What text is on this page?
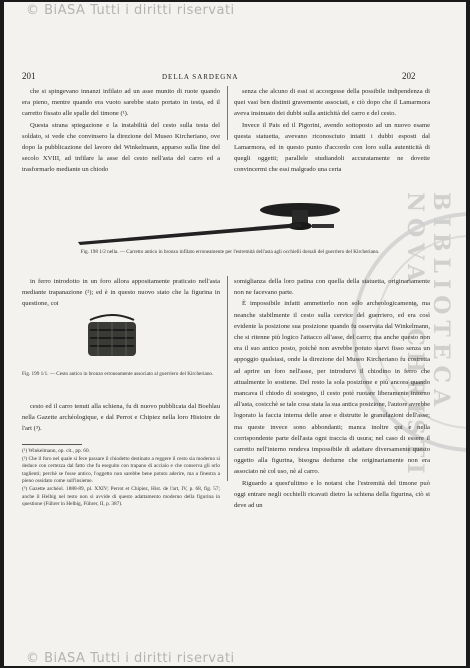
© BiASA Tutti i diritti riservati
BIBLIOTECA NOVA · CHRISTI
201	DELLA SARDEGNA	202

che si spingevano innanzi infilato ad un asse munito di ruote quando era pieno, mentre quando era vuoto sarebbe stato portato in testa, ed il carretto fissato alle spalle del timone (¹).

Questa strana spiegazione e la instabilità del cesto sulla testa del soldato, si vede che convinsero la direzione del Museo Kircheriano, ove dopo la pubblicazione del lavoro del Winkelmann, apparso sulla fine del secolo XVIII, ad infilare la asse del cesto nell'asta del carro ed a trasformarlo mediante un chiodo

senza che alcuno di essi si accorgesse della possibile indipendenza di quei vasi ben distinti gravemente associati, e ciò dopo che il Lamarmora aveva insinuato dei dubbi sulla antichità del carro e del cesto.

Invece il Pais ed il Pigorini, avendo sottoposto ad un nuovo esame questa statuetta, avevano riconosciuto intatti i dubbi esposti dal Lamarmora, ed in questo punto d'accordo con loro sulla autenticità di quegli oggetti; parallele studiandoli accuratamente ne dovette convincermi che essi malgrado una certa

Fig. 198 1/2 nella. — Carretto antico in bronzo infilato erroneamente per l'estremità dell'asta agli occhielli dorsali del guerriero del Kircheriano.

in ferro introdotto in un foro allora appositamente praticato nell'asta mediante trapanazione (²); ed è in questo nuovo stato che la figurina in questione, coi

Fig. 199 1/1. — Cesto antico in bronzo erroneamente associato al guerriero del Kircheriano.

cesto ed il carro tenuti alla schiena, fu di nuovo pubblicata dal Boehlau nella Gazette archéologique, e dal Perrot e Chipiez nella loro Histoire de l'art (³).

(¹) Winkelmann, op. cit., pp. 60.
(²) Che il foro nel quale si fece passare il chiodetto destinato a reggere il cesto sia moderno si deduce con certezza dal fatto che fu eseguito con trapano di acciaio e che conserva gli orlo taglienti; perchè se fosse antico, l'oggetto non sarebbe bene potuto aderire, ma a finestra a pieno ossidato come sull'insieme.
(³) Gazette archéol. 1888-89, pl. XXIV; Perrot et Chipiez, Hist. de l'art, IV, p. 68, fig. 57; anche il Helbig nel testo non si avvide di questo adattamento moderno della figurina in questione (Führer in Helbig, Führer, II, p. 387).

somiglianza della loro patina con quella della statuetta, originariamente non ne facevano parte.

È impossibile infatti ammetterlo non solo archeologicamente, ma neanche stabilmente il cesto sulla cervice del guerriero, ed era così evidente la posizione sua posizione quando fu osservata dal Winkelmann, che si ritenne più logico l'attacco all'asse, del carro; ma anche questo non era il suo antico posto, poichè non avrebbe potuto starvi fisso senza un appoggio qualsiasi, onde la direzione del Museo Kircheriano fu costretta ad aprire un foro nell'asse, per introdurvi il chiodino in ferro che attualmente lo sostiene. Del resto la sola posizione e più ancora quando mancava il chiodo di sostegno, il cesto potè ruotare liberamente intorno all'asta, cosicchè se tale cosa stata la sua antica posizione, l'autore avrebbe logorato la faccia interna delle anse e distrutte le granulazioni dell'asse; ma queste invece sono abbondanti; manca inoltre qui e nella corrispondente parte dell'asta ogni traccia di usura; nel caso di essere il carretto nell'interno rendeva impossibile di adattare diversamente questo oggetto alla figurina, bisogna dedurne che originariamente non era associato nè col uso, nè al carro.

Riguardo a quest'ultimo e lo notarsi che l'estremità del timone può oggi entrare negli occhielli ricavati dietro la schiena della figurina, ciò si deve ad un

© BiASA Tutti i diritti riservati
